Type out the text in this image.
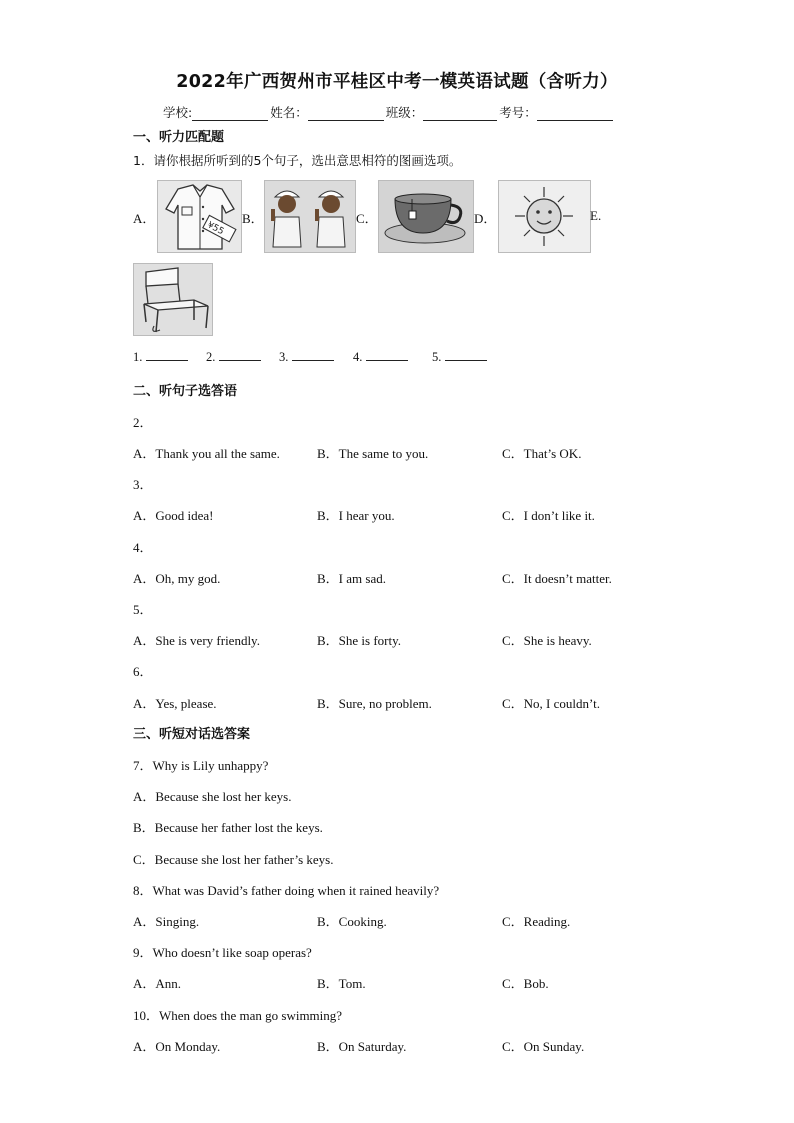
2022年广西贺州市平桂区中考一模英语试题（含听力）
学校:	姓名：	班级：	考号：
一、听力匹配题
1．请你根据所听到的5个句子，选出意思相符的图画选项。
A．
¥55
B．	C．	D．	E.
1.	2.	3.	4.	5.
二、听句子选答语
2．
A．Thank you all the same.	B．The same to you.	C．That’s OK.
3．
A．Good idea!	B．I hear you.	C．I don’t like it.
4．
A．Oh, my god.	B．I am sad.	C．It doesn’t matter.
5．
A．She is very friendly.	B．She is forty.	C．She is heavy.
6．
A．Yes, please.	B．Sure, no problem.	C．No, I couldn’t.
三、听短对话选答案
7．Why is Lily unhappy?
A．Because she lost her keys.
B．Because her father lost the keys.
C．Because she lost her father’s keys.
8．What was David’s father doing when it rained heavily?
A．Singing.	B．Cooking.	C．Reading.
9．Who doesn’t like soap operas?
A．Ann.	B．Tom.	C．Bob.
10．When does the man go swimming?
A．On Monday.	B．On Saturday.	C．On Sunday.
